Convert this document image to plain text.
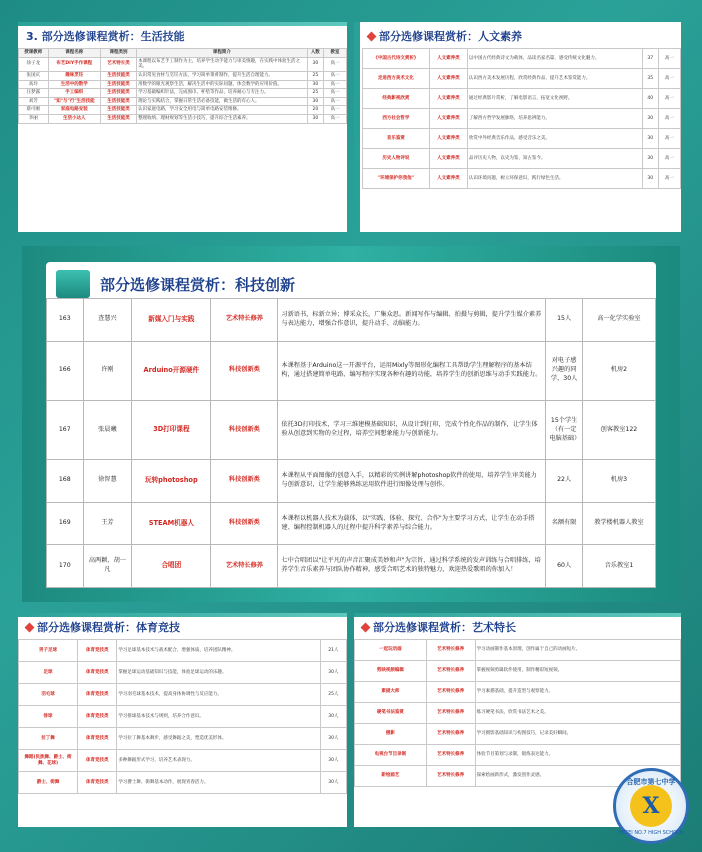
3. 部分选修课程赏析：生活技能
授课教师	课程名称	课程类别	课程简介	人数	教室
徐子龙	布艺DIY手作课程	艺术特长类	本课程以布艺手工制作为主，培养学生动手能力与审美情趣，在实践中体验生活之美。	30	高一
张国庆	趣味烹饪	生活技能类	认识常见食材与烹饪方法，学习简单菜肴制作，提升生活自理能力。	25	高一
高玲	生活中的数学	生活技能类	用数学的眼光观察生活，解决生活中的实际问题，体会数学的应用价值。	30	高一
汪梦露	手工编织	生活技能类	学习基础编织针法，完成围巾、杯垫等作品，培养耐心与专注力。	25	高一
刘芳	"知"与"行"生活技能	生活技能类	理论与实践结合，掌握日常生活必备技能，做生活的有心人。	30	高一
蔡可刚	家庭电路安装	生活技能类	认识家庭电路，学习安全用电与简单电路安装维修。	20	高一
李丽	生活小达人	生活技能类	整理收纳、理财规划等生活小技巧，提升综合生活素养。	30	高一
部分选修课程赏析：人文素养
《中国古代诗文赏析》	人文素养类	以中国古代经典诗文为载体，品读名家名篇，感受传统文化魅力。	37	高一
走进西方美术文化	人文素养类	认识西方美术发展历程，欣赏经典作品，提升艺术鉴赏能力。	35	高一
经典影视欣赏	人文素养类	通过经典影片赏析，了解电影语言，拓宽文化视野。	40	高一
西方社会哲学	人文素养类	了解西方哲学发展脉络，培养思辨能力。	30	高一
音乐鉴赏	人文素养类	欣赏中外经典音乐作品，感受音乐之美。	30	高一
历史人物评说	人文素养类	品评历史人物，以史为鉴，知古鉴今。	30	高一
"环境保护你我他"	人文素养类	认识环境问题，树立环保意识，践行绿色生活。	30	高一
部分选修课程赏析：科技创新
163	查慧兴	新媒入门与实践	艺术特长修养	习新语书，标新立异；博采众长，广集众思。新闻写作与编辑、拍摄与剪辑，提升学生媒介素养与表达能力，增强合作意识，提升动手、动脑能力。	15人	高一化学实验室
166	许刚	Arduino开源硬件	科技创新类	本课程基于Arduino这一开源平台，运用Mixly等图形化编程工具帮助学生理解程序的基本结构，通过搭建简单电路、编写程序实现各种有趣的功能，培养学生的创新思维与动手实践能力。	对电子感兴趣的同学，30人	机房2
167	张晨曦	3D打印课程	科技创新类	依托3D打印技术，学习三维建模基础知识，从设计到打印，完成个性化作品的制作，让学生体验从创意到实物的全过程，培养空间想象能力与创新能力。	15个学生（有一定电脑基础）	创客教室122
168	徐智慧	玩转photoshop	科技创新类	本课程从平面图像的创意入手，以精彩的实例讲解photoshop软件的使用，培养学生审美能力与创新意识，让学生能够熟练运用软件进行图像处理与创作。	22人	机房3
169	王芳	STEAM机器人	科技创新类	本课程以机器人技术为载体，以"实践、体验、探究、合作"为主要学习方式，让学生在动手搭建、编程控制机器人的过程中提升科学素养与综合能力。	名额有限	教学楼机器人教室
170	高两颖、胡一凡	合唱团	艺术特长修养	七中合唱团以"让平凡的声音汇聚成美妙和声"为宗旨，通过科学系统的发声训练与合唱排练，培养学生音乐素养与团队协作精神，感受合唱艺术的独特魅力，欢迎热爱歌唱的你加入！	60人	音乐教室1
部分选修课程赏析：体育竞技
男子足球	体育竞技类	学习足球基本技术与战术配合，增强体质，培养团队精神。	21人
足球	体育竞技类	掌握足球运动基础知识与技能，体验足球运动的乐趣。	30人
羽毛球	体育竞技类	学习羽毛球基本技术，提高身体协调性与反应能力。	25人
排球	体育竞技类	学习排球基本技术与规则，培养合作意识。	30人
拉丁舞	体育竞技类	学习拉丁舞基本舞步，感受舞蹈之美，塑造优美形体。	30人
舞蹈(民族舞、爵士、街舞、花球)	体育竞技类	多种舞蹈形式学习，培养艺术表现力。	30人
爵士、街舞	体育竞技类	学习爵士舞、街舞基本动作，展现青春活力。	30人
部分选修课程赏析：艺术特长
一起玩动画	艺术特长修养	学习动画制作基本原理，创作属于自己的动画短片。
剪映视频编辑	艺术特长修养	掌握视频剪辑软件使用，制作精彩短视频。
素描大师	艺术特长修养	学习素描基础，提升造型与观察能力。
硬笔书法鉴赏	艺术特长修养	练习硬笔书法，欣赏书法艺术之美。
摄影	艺术特长修养	学习摄影基础知识与构图技巧，记录美好瞬间。
电视台节目录制	艺术特长修养	体验节目策划与录制，锻炼表达能力。
新绘画艺	艺术特长修养	探索绘画新形式，激发创作灵感。
合肥市第七中学
X
HEFEI NO.7 HIGH SCHOOL
